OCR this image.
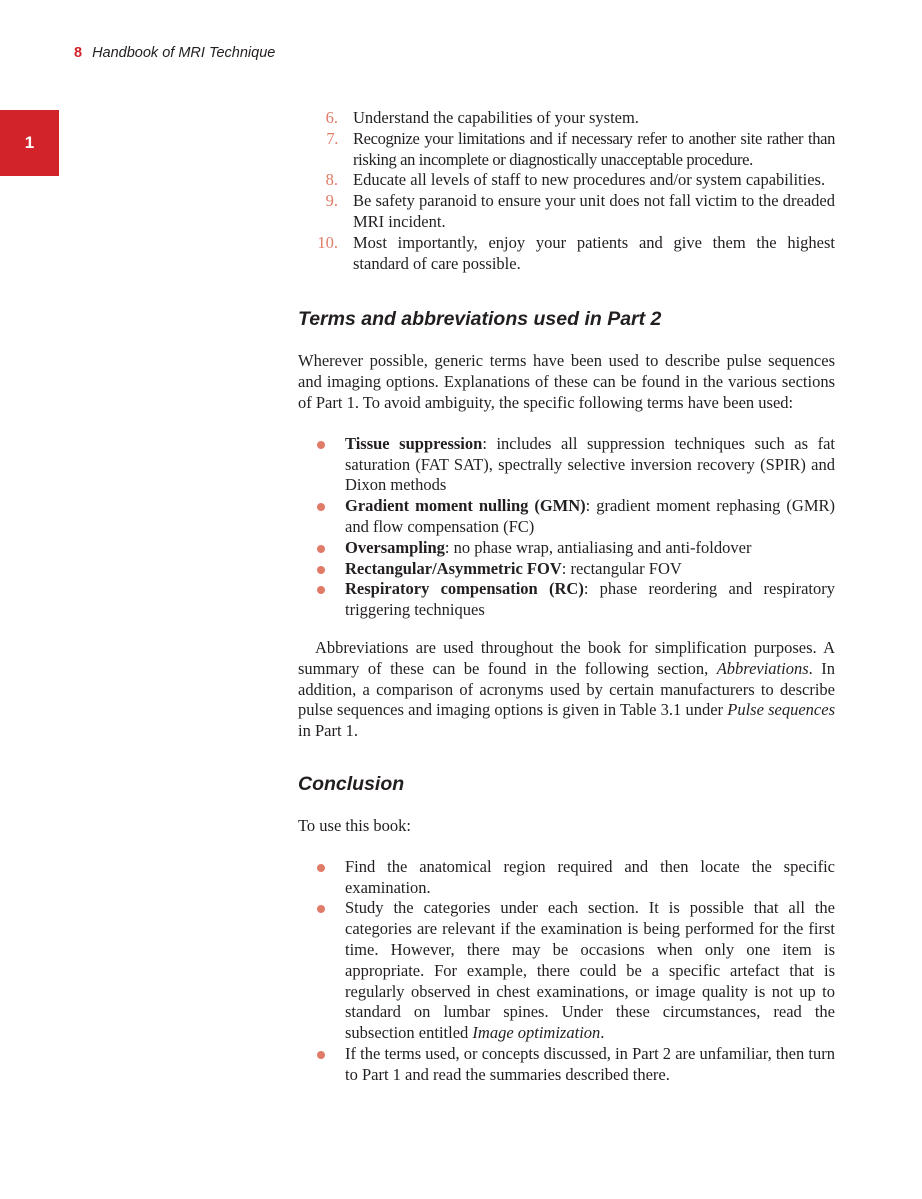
8 Handbook of MRI Technique
1
6. Understand the capabilities of your system.
7. Recognize your limitations and if necessary refer to another site rather than risking an incomplete or diagnostically unacceptable procedure.
8. Educate all levels of staff to new procedures and/or system capabilities.
9. Be safety paranoid to ensure your unit does not fall victim to the dreaded MRI incident.
10. Most importantly, enjoy your patients and give them the highest standard of care possible.
Terms and abbreviations used in Part 2

Wherever possible, generic terms have been used to describe pulse sequences and imaging options. Explanations of these can be found in the various sections of Part 1. To avoid ambiguity, the specific following terms have been used:

Tissue suppression: includes all suppression techniques such as fat saturation (FAT SAT), spectrally selective inversion recovery (SPIR) and Dixon methods
Gradient moment nulling (GMN): gradient moment rephasing (GMR) and flow compensation (FC)
Oversampling: no phase wrap, antialiasing and anti-foldover
Rectangular/Asymmetric FOV: rectangular FOV
Respiratory compensation (RC): phase reordering and respiratory triggering techniques

Abbreviations are used throughout the book for simplification purposes. A summary of these can be found in the following section, Abbreviations. In addition, a comparison of acronyms used by certain manufacturers to describe pulse sequences and imaging options is given in Table 3.1 under Pulse sequences in Part 1.

Conclusion

To use this book:

Find the anatomical region required and then locate the specific examination.
Study the categories under each section. It is possible that all the categories are relevant if the examination is being performed for the first time. However, there may be occasions when only one item is appropriate. For example, there could be a specific artefact that is regularly observed in chest examinations, or image quality is not up to standard on lumbar spines. Under these circumstances, read the subsection entitled Image optimization.
If the terms used, or concepts discussed, in Part 2 are unfamiliar, then turn to Part 1 and read the summaries described there.
